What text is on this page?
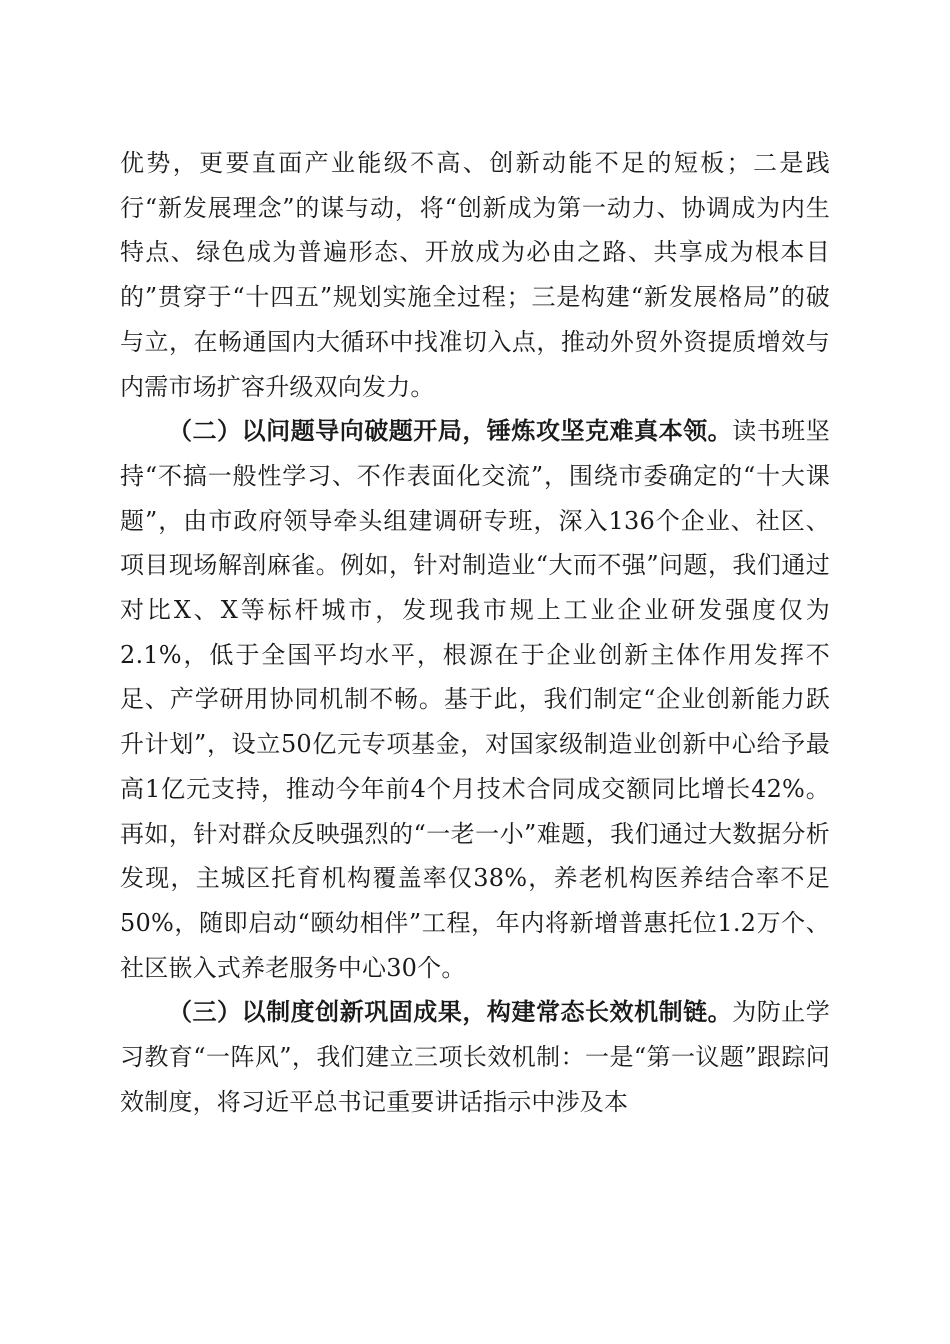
优势，更要直面产业能级不高、创新动能不足的短板；二是践行“新发展理念”的谋与动，将“创新成为第一动力、协调成为内生特点、绿色成为普遍形态、开放成为必由之路、共享成为根本目的”贯穿于“十四五”规划实施全过程；三是构建“新发展格局”的破与立，在畅通国内大循环中找准切入点，推动外贸外资提质增效与内需市场扩容升级双向发力。

（二）以问题导向破题开局，锤炼攻坚克难真本领。读书班坚持“不搞一般性学习、不作表面化交流”，围绕市委确定的“十大课题”，由市政府领导牵头组建调研专班，深入136个企业、社区、项目现场解剖麻雀。例如，针对制造业“大而不强”问题，我们通过对比X、X等标杆城市，发现我市规上工业企业研发强度仅为2.1%，低于全国平均水平，根源在于企业创新主体作用发挥不足、产学研用协同机制不畅。基于此，我们制定“企业创新能力跃升计划”，设立50亿元专项基金，对国家级制造业创新中心给予最高1亿元支持，推动今年前4个月技术合同成交额同比增长42%。再如，针对群众反映强烈的“一老一小”难题，我们通过大数据分析发现，主城区托育机构覆盖率仅38%，养老机构医养结合率不足50%，随即启动“颐幼相伴”工程，年内将新增普惠托位1.2万个、社区嵌入式养老服务中心30个。

（三）以制度创新巩固成果，构建常态长效机制链。为防止学习教育“一阵风”，我们建立三项长效机制：一是“第一议题”跟踪问效制度，将习近平总书记重要讲话指示中涉及本
